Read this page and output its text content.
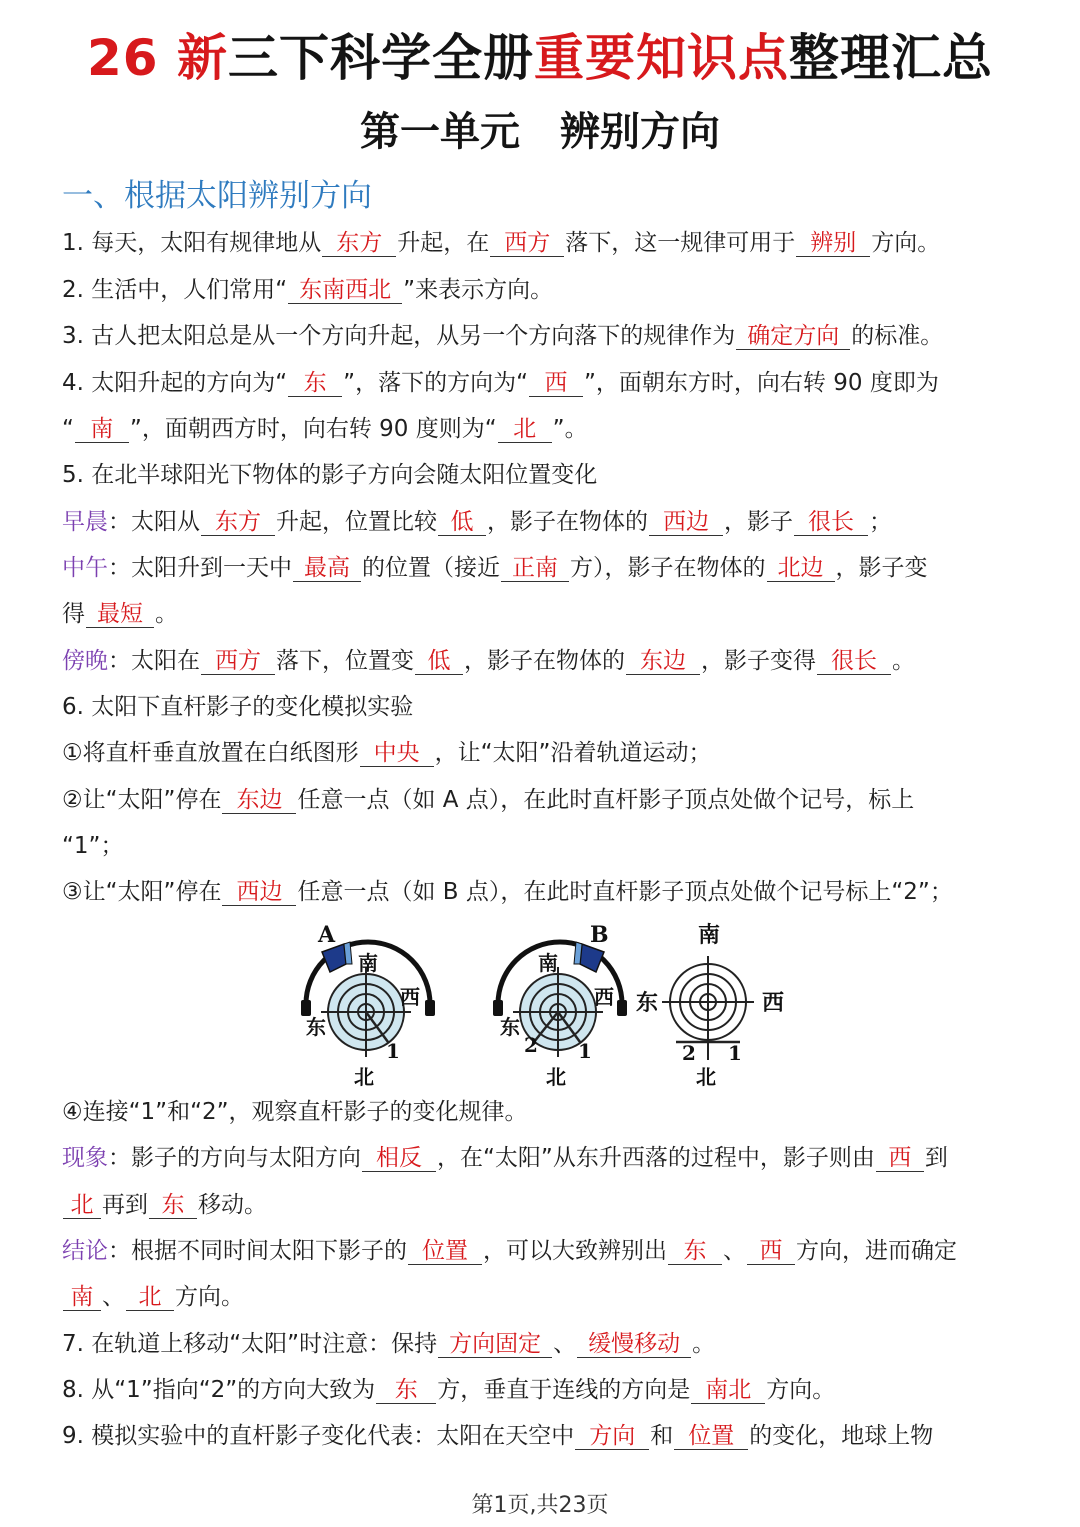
26 新三下科学全册重要知识点整理汇总
第一单元　辨别方向
一、根据太阳辨别方向
1. 每天，太阳有规律地从 东方 升起，在 西方 落下，这一规律可用于 辨别 方向。
2. 生活中，人们常用“ 东南西北 ”来表示方向。
3. 古人把太阳总是从一个方向升起，从另一个方向落下的规律作为 确定方向 的标准。
4. 太阳升起的方向为“ 东 ”，落下的方向为“ 西 ”，面朝东方时，向右转 90 度即为
“ 南 ”，面朝西方时，向右转 90 度则为“ 北 ”。
5. 在北半球阳光下物体的影子方向会随太阳位置变化
早晨：太阳从 东方 升起，位置比较 低 ，影子在物体的 西边 ，影子 很长 ；
中午：太阳升到一天中 最高 的位置（接近 正南 方），影子在物体的 北边 ，影子变
得 最短 。
傍晚：太阳在 西方 落下，位置变 低 ，影子在物体的 东边 ，影子变得 很长 。
6. 太阳下直杆影子的变化模拟实验
①将直杆垂直放置在白纸图形 中央 ，让“太阳”沿着轨道运动；
②让“太阳”停在 东边 任意一点（如 A 点），在此时直杆影子顶点处做个记号，标上
“1”；
③让“太阳”停在 西边 任意一点（如 B 点），在此时直杆影子顶点处做个记号标上“2”；
A
南
西
东
北
1
B
南
西
东
北
1
2
南
西
东
北
2 1
④连接“1”和“2”，观察直杆影子的变化规律。
现象：影子的方向与太阳方向 相反 ，在“太阳”从东升西落的过程中，影子则由 西 到
北 再到 东 移动。
结论：根据不同时间太阳下影子的 位置 ，可以大致辨别出 东 、 西 方向，进而确定
南 、 北 方向。
7. 在轨道上移动“太阳”时注意：保持 方向固定 、 缓慢移动 。
8. 从“1”指向“2”的方向大致为 东 方，垂直于连线的方向是 南北 方向。
9. 模拟实验中的直杆影子变化代表：太阳在天空中 方向 和 位置 的变化，地球上物
第1页,共23页
